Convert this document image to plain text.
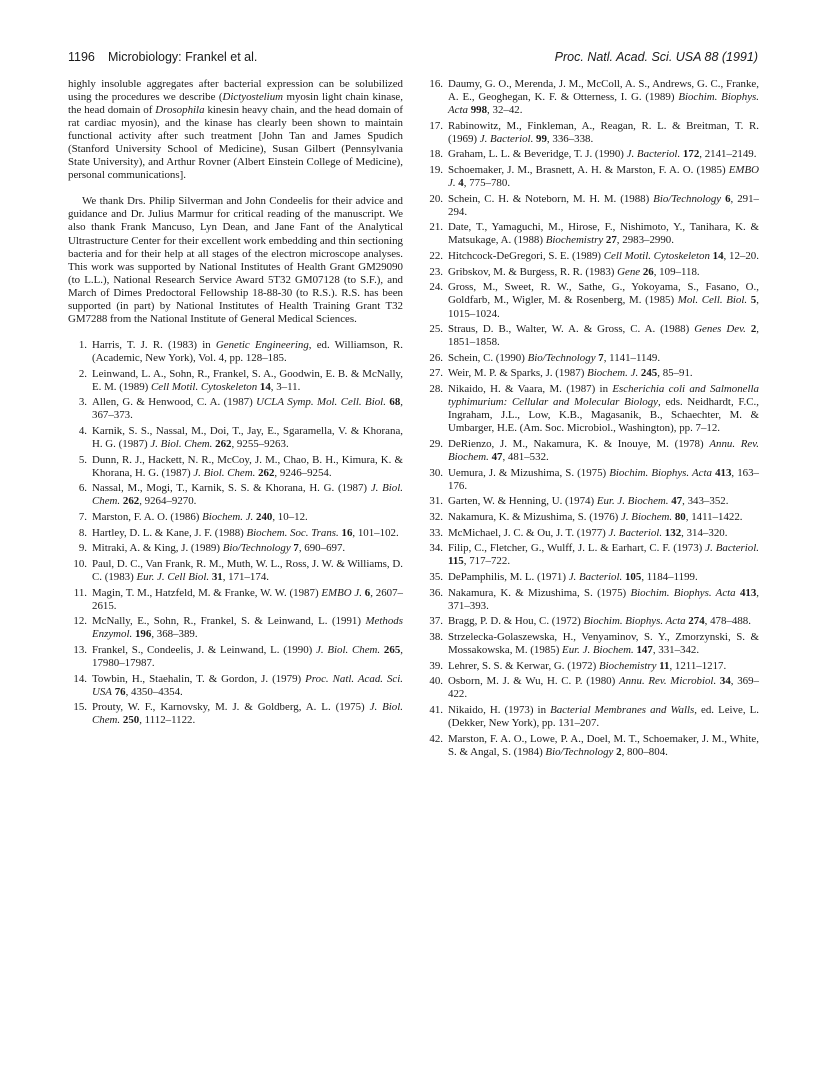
1196 Microbiology: Frankel et al.	Proc. Natl. Acad. Sci. USA 88 (1991)

highly insoluble aggregates after bacterial expression can be solubilized using the procedures we describe (Dictyostelium myosin light chain kinase, the head domain of Drosophila kinesin heavy chain, and the head domain of rat cardiac myosin), and the kinase has clearly been shown to maintain functional activity after such treatment [John Tan and James Spudich (Stanford University School of Medicine), Susan Gilbert (Pennsylvania State University), and Arthur Rovner (Albert Einstein College of Medicine), personal communications].

We thank Drs. Philip Silverman and John Condeelis for their advice and guidance and Dr. Julius Marmur for critical reading of the manuscript. We also thank Frank Mancuso, Lyn Dean, and Jane Fant of the Analytical Ultrastructure Center for their excellent work embedding and thin sectioning bacteria and for their help at all stages of the electron microscope analyses. This work was supported by National Institutes of Health Grant GM29090 (to L.L.), National Research Service Award 5T32 GM07128 (to S.F.), and March of Dimes Predoctoral Fellowship 18-88-30 (to R.S.). R.S. has been supported (in part) by National Institutes of Health Training Grant T32 GM7288 from the National Institute of General Medical Sciences.

1. Harris, T. J. R. (1983) in Genetic Engineering, ed. Williamson, R. (Academic, New York), Vol. 4, pp. 128–185.
2. Leinwand, L. A., Sohn, R., Frankel, S. A., Goodwin, E. B. & McNally, E. M. (1989) Cell Motil. Cytoskeleton 14, 3–11.
3. Allen, G. & Henwood, C. A. (1987) UCLA Symp. Mol. Cell. Biol. 68, 367–373.
4. Karnik, S. S., Nassal, M., Doi, T., Jay, E., Sgaramella, V. & Khorana, H. G. (1987) J. Biol. Chem. 262, 9255–9263.
5. Dunn, R. J., Hackett, N. R., McCoy, J. M., Chao, B. H., Kimura, K. & Khorana, H. G. (1987) J. Biol. Chem. 262, 9246–9254.
6. Nassal, M., Mogi, T., Karnik, S. S. & Khorana, H. G. (1987) J. Biol. Chem. 262, 9264–9270.
7. Marston, F. A. O. (1986) Biochem. J. 240, 10–12.
8. Hartley, D. L. & Kane, J. F. (1988) Biochem. Soc. Trans. 16, 101–102.
9. Mitraki, A. & King, J. (1989) Bio/Technology 7, 690–697.
10. Paul, D. C., Van Frank, R. M., Muth, W. L., Ross, J. W. & Williams, D. C. (1983) Eur. J. Cell Biol. 31, 171–174.
11. Magin, T. M., Hatzfeld, M. & Franke, W. W. (1987) EMBO J. 6, 2607–2615.
12. McNally, E., Sohn, R., Frankel, S. & Leinwand, L. (1991) Methods Enzymol. 196, 368–389.
13. Frankel, S., Condeelis, J. & Leinwand, L. (1990) J. Biol. Chem. 265, 17980–17987.
14. Towbin, H., Staehalin, T. & Gordon, J. (1979) Proc. Natl. Acad. Sci. USA 76, 4350–4354.
15. Prouty, W. F., Karnovsky, M. J. & Goldberg, A. L. (1975) J. Biol. Chem. 250, 1112–1122.
16. Daumy, G. O., Merenda, J. M., McColl, A. S., Andrews, G. C., Franke, A. E., Geoghegan, K. F. & Otterness, I. G. (1989) Biochim. Biophys. Acta 998, 32–42.
17. Rabinowitz, M., Finkleman, A., Reagan, R. L. & Breitman, T. R. (1969) J. Bacteriol. 99, 336–338.
18. Graham, L. L. & Beveridge, T. J. (1990) J. Bacteriol. 172, 2141–2149.
19. Schoemaker, J. M., Brasnett, A. H. & Marston, F. A. O. (1985) EMBO J. 4, 775–780.
20. Schein, C. H. & Noteborn, M. H. M. (1988) Bio/Technology 6, 291–294.
21. Date, T., Yamaguchi, M., Hirose, F., Nishimoto, Y., Tanihara, K. & Matsukage, A. (1988) Biochemistry 27, 2983–2990.
22. Hitchcock-DeGregori, S. E. (1989) Cell Motil. Cytoskeleton 14, 12–20.
23. Gribskov, M. & Burgess, R. R. (1983) Gene 26, 109–118.
24. Gross, M., Sweet, R. W., Sathe, G., Yokoyama, S., Fasano, O., Goldfarb, M., Wigler, M. & Rosenberg, M. (1985) Mol. Cell. Biol. 5, 1015–1024.
25. Straus, D. B., Walter, W. A. & Gross, C. A. (1988) Genes Dev. 2, 1851–1858.
26. Schein, C. (1990) Bio/Technology 7, 1141–1149.
27. Weir, M. P. & Sparks, J. (1987) Biochem. J. 245, 85–91.
28. Nikaido, H. & Vaara, M. (1987) in Escherichia coli and Salmonella typhimurium: Cellular and Molecular Biology, eds. Neidhardt, F.C., Ingraham, J.L., Low, K.B., Magasanik, B., Schaechter, M. & Umbarger, H.E. (Am. Soc. Microbiol., Washington), pp. 7–12.
29. DeRienzo, J. M., Nakamura, K. & Inouye, M. (1978) Annu. Rev. Biochem. 47, 481–532.
30. Uemura, J. & Mizushima, S. (1975) Biochim. Biophys. Acta 413, 163–176.
31. Garten, W. & Henning, U. (1974) Eur. J. Biochem. 47, 343–352.
32. Nakamura, K. & Mizushima, S. (1976) J. Biochem. 80, 1411–1422.
33. McMichael, J. C. & Ou, J. T. (1977) J. Bacteriol. 132, 314–320.
34. Filip, C., Fletcher, G., Wulff, J. L. & Earhart, C. F. (1973) J. Bacteriol. 115, 717–722.
35. DePamphilis, M. L. (1971) J. Bacteriol. 105, 1184–1199.
36. Nakamura, K. & Mizushima, S. (1975) Biochim. Biophys. Acta 413, 371–393.
37. Bragg, P. D. & Hou, C. (1972) Biochim. Biophys. Acta 274, 478–488.
38. Strzelecka-Golaszewska, H., Venyaminov, S. Y., Zmorzynski, S. & Mossakowska, M. (1985) Eur. J. Biochem. 147, 331–342.
39. Lehrer, S. S. & Kerwar, G. (1972) Biochemistry 11, 1211–1217.
40. Osborn, M. J. & Wu, H. C. P. (1980) Annu. Rev. Microbiol. 34, 369–422.
41. Nikaido, H. (1973) in Bacterial Membranes and Walls, ed. Leive, L. (Dekker, New York), pp. 131–207.
42. Marston, F. A. O., Lowe, P. A., Doel, M. T., Schoemaker, J. M., White, S. & Angal, S. (1984) Bio/Technology 2, 800–804.
